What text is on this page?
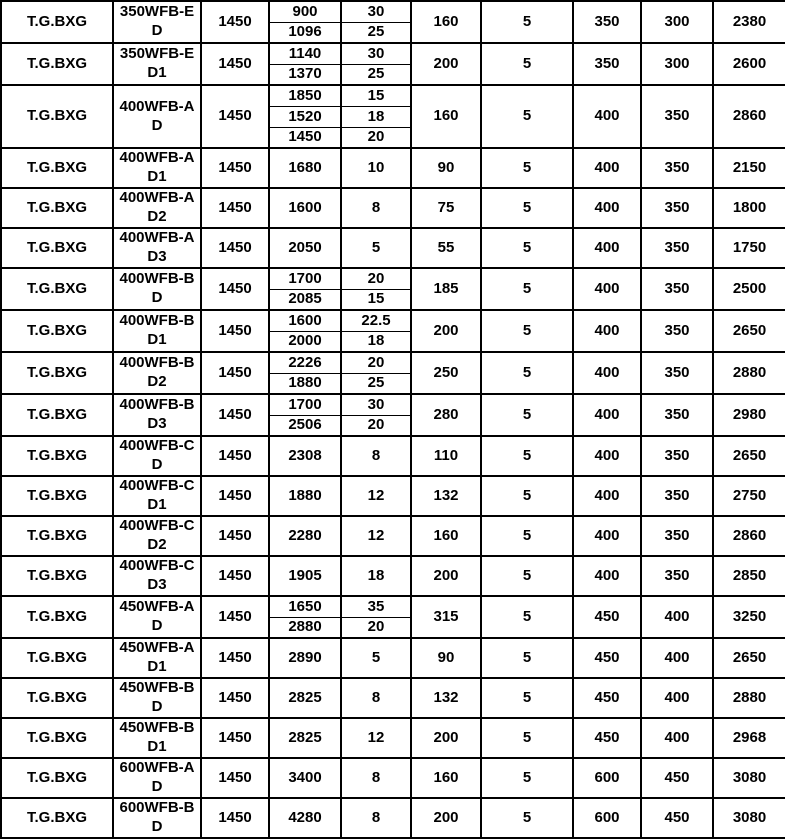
T.G.BXG	350WFB-ED	1450	900	30	160	5	350	300	2380
			1096	25					
T.G.BXG	350WFB-ED1	1450	1140	30	200	5	350	300	2600
			1370	25					
T.G.BXG	400WFB-AD	1450	1850	15	160	5	400	350	2860
			1520	18					
			1450	20					
T.G.BXG	400WFB-AD1	1450	1680	10	90	5	400	350	2150
T.G.BXG	400WFB-AD2	1450	1600	8	75	5	400	350	1800
T.G.BXG	400WFB-AD3	1450	2050	5	55	5	400	350	1750
T.G.BXG	400WFB-BD	1450	1700	20	185	5	400	350	2500
			2085	15					
T.G.BXG	400WFB-BD1	1450	1600	22.5	200	5	400	350	2650
			2000	18					
T.G.BXG	400WFB-BD2	1450	2226	20	250	5	400	350	2880
			1880	25					
T.G.BXG	400WFB-BD3	1450	1700	30	280	5	400	350	2980
			2506	20					
T.G.BXG	400WFB-CD	1450	2308	8	110	5	400	350	2650
T.G.BXG	400WFB-CD1	1450	1880	12	132	5	400	350	2750
T.G.BXG	400WFB-CD2	1450	2280	12	160	5	400	350	2860
T.G.BXG	400WFB-CD3	1450	1905	18	200	5	400	350	2850
T.G.BXG	450WFB-AD	1450	1650	35	315	5	450	400	3250
			2880	20					
T.G.BXG	450WFB-AD1	1450	2890	5	90	5	450	400	2650
T.G.BXG	450WFB-BD	1450	2825	8	132	5	450	400	2880
T.G.BXG	450WFB-BD1	1450	2825	12	200	5	450	400	2968
T.G.BXG	600WFB-AD	1450	3400	8	160	5	600	450	3080
T.G.BXG	600WFB-BD	1450	4280	8	200	5	600	450	3080
